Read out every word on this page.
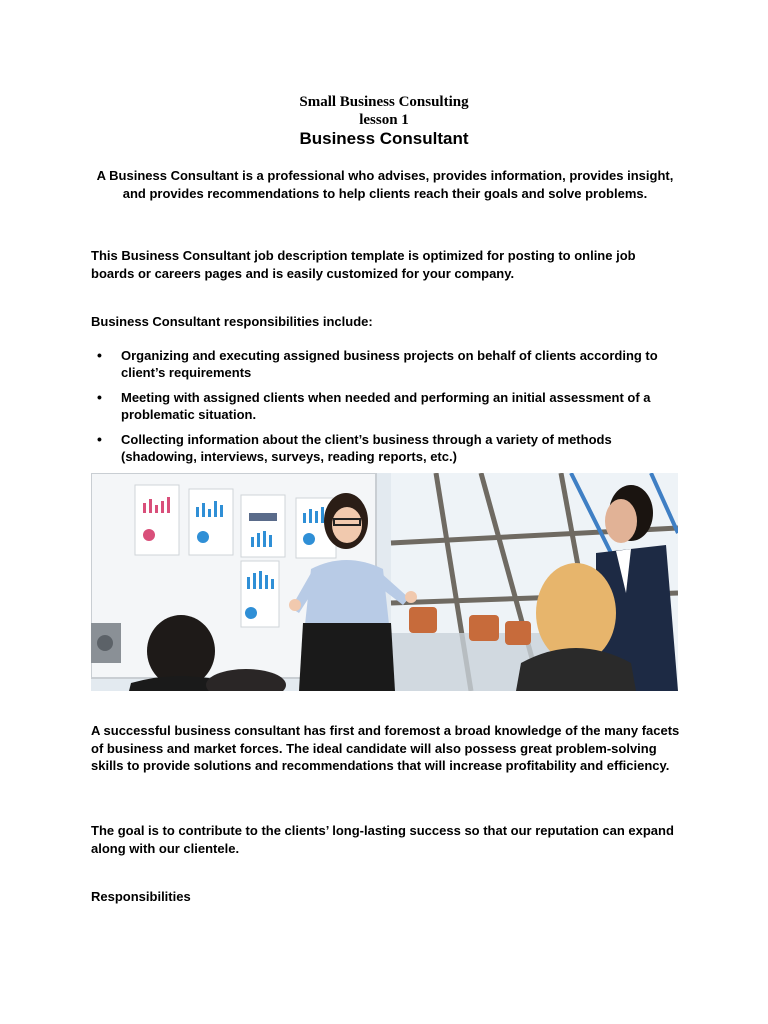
Small Business Consulting
lesson 1
Business Consultant
A Business Consultant is a professional who advises, provides information, provides insight, and provides recommendations to help clients reach their goals and solve problems.
This Business Consultant job description template is optimized for posting to online job boards or careers pages and is easily customized for your company.
Business Consultant responsibilities include:
• Organizing and executing assigned business projects on behalf of clients according to client’s requirements
• Meeting with assigned clients when needed and performing an initial assessment of a problematic situation.
• Collecting information about the client’s business through a variety of methods (shadowing, interviews, surveys, reading reports, etc.)
A successful business consultant has first and foremost a broad knowledge of the many facets of business and market forces. The ideal candidate will also possess great problem-solving skills to provide solutions and recommendations that will increase profitability and efficiency.
The goal is to contribute to the clients’ long-lasting success so that our reputation can expand along with our clientele.
Responsibilities
